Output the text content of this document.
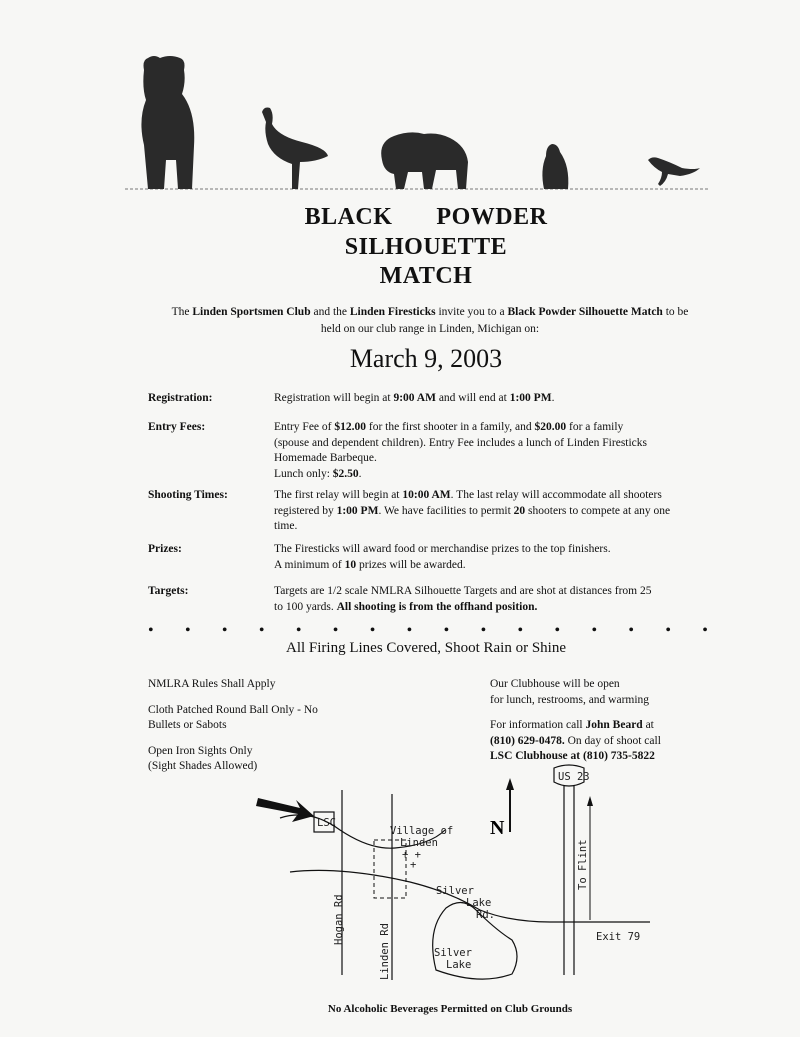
BLACK POWDER
SILHOUETTE
MATCH
The Linden Sportsmen Club and the Linden Firesticks invite you to a Black Powder Silhouette Match to be
held on our club range in Linden, Michigan on:
March 9, 2003
Registration:	Registration will begin at 9:00 AM and will end at 1:00 PM.
Entry Fees:	Entry Fee of $12.00 for the first shooter in a family, and $20.00 for a family
(spouse and dependent children). Entry Fee includes a lunch of Linden Firesticks
Homemade Barbeque.
Lunch only: $2.50.
Shooting Times:	The first relay will begin at 10:00 AM. The last relay will accommodate all shooters
registered by 1:00 PM. We have facilities to permit 20 shooters to compete at any one
time.
Prizes:	The Firesticks will award food or merchandise prizes to the top finishers.
A minimum of 10 prizes will be awarded.
Targets:	Targets are 1/2 scale NMLRA Silhouette Targets and are shot at distances from 25
to 100 yards. All shooting is from the offhand position.
• • • • • • • • • • • • • • • •
All Firing Lines Covered, Shoot Rain or Shine
NMLRA Rules Shall Apply
Cloth Patched Round Ball Only - No
Bullets or Sabots
Open Iron Sights Only
(Sight Shades Allowed)
Our Clubhouse will be open
for lunch, restrooms, and warming
For information call John Beard at
(810) 629-0478. On day of shoot call
LSC Clubhouse at (810) 735-5822
LSC
Hogan Rd
Linden Rd
Village of
Linden
+ +
+
Silver
Lake
Rd.
Silver
Lake
N
US 23
To Flint
Exit 79
No Alcoholic Beverages Permitted on Club Grounds
